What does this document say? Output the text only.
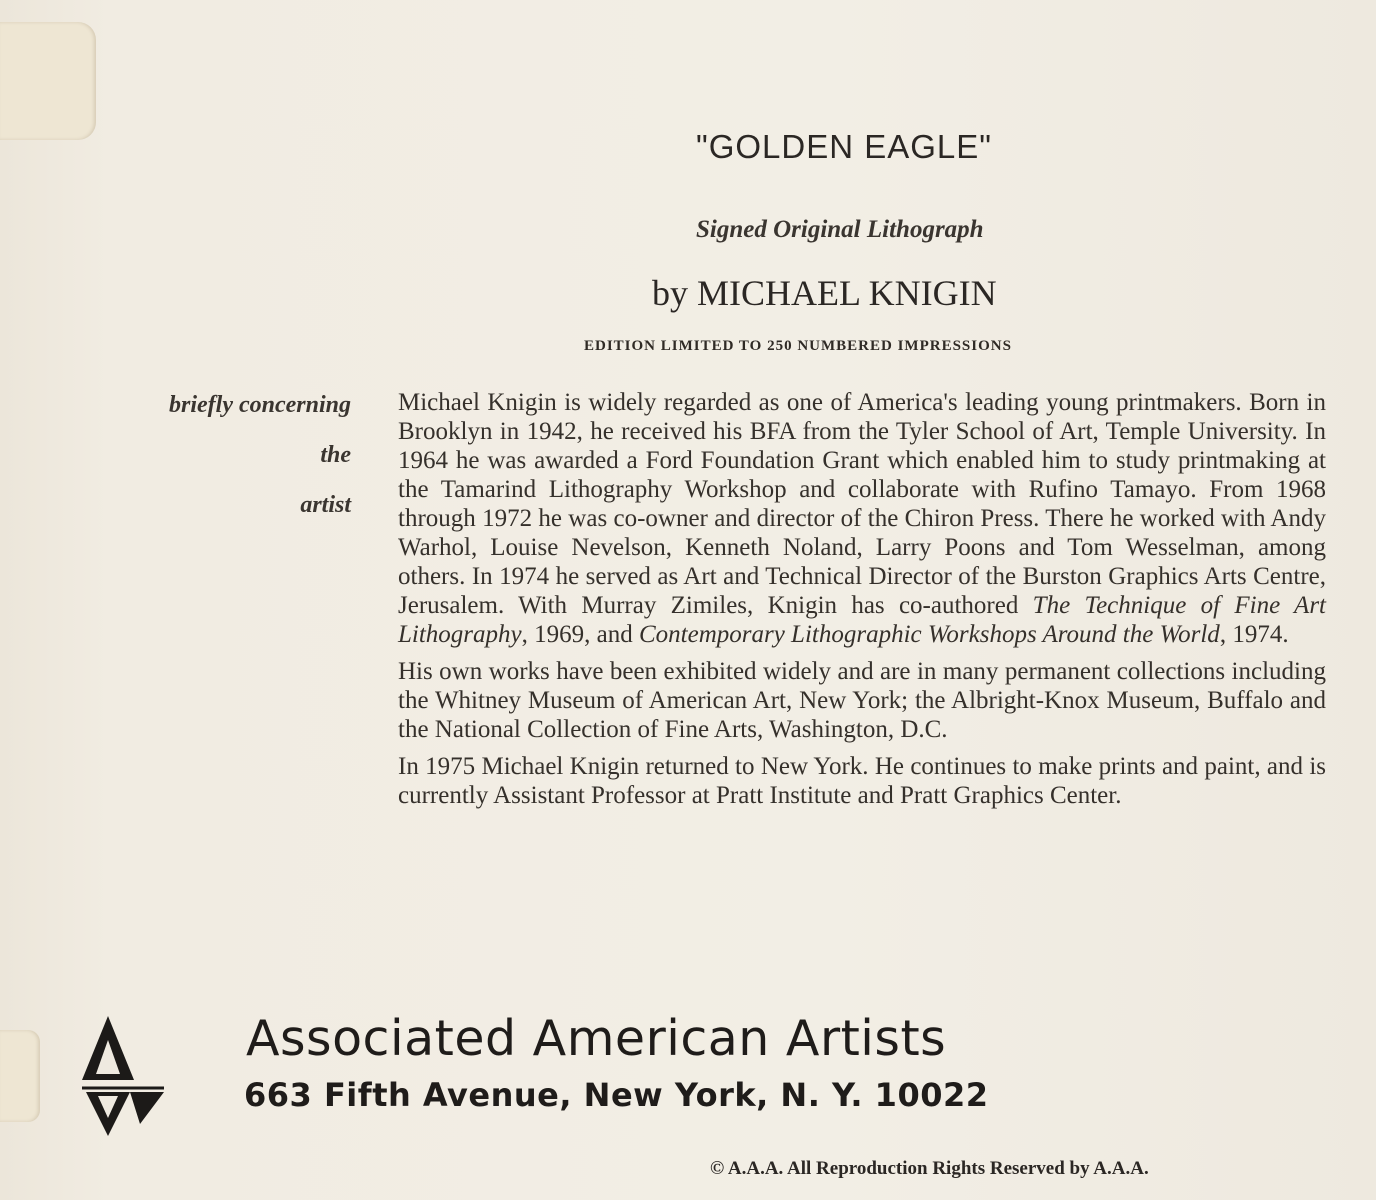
"GOLDEN EAGLE"
Signed Original Lithograph
by MICHAEL KNIGIN
EDITION LIMITED TO 250 NUMBERED IMPRESSIONS
briefly concerning
the
artist

Michael Knigin is widely regarded as one of America's leading young printmakers. Born in Brooklyn in 1942, he received his BFA from the Tyler School of Art, Temple University. In 1964 he was awarded a Ford Foundation Grant which enabled him to study printmaking at the Tamarind Lithography Workshop and collaborate with Rufino Tamayo. From 1968 through 1972 he was co-owner and director of the Chiron Press. There he worked with Andy Warhol, Louise Nevelson, Kenneth Noland, Larry Poons and Tom Wesselman, among others. In 1974 he served as Art and Technical Director of the Burston Graphics Arts Centre, Jerusalem. With Murray Zimiles, Knigin has co-authored The Technique of Fine Art Lithography, 1969, and Contemporary Lithographic Workshops Around the World, 1974.

His own works have been exhibited widely and are in many permanent collections including the Whitney Museum of American Art, New York; the Albright-Knox Museum, Buffalo and the National Collection of Fine Arts, Washington, D.C.

In 1975 Michael Knigin returned to New York. He continues to make prints and paint, and is currently Assistant Professor at Pratt Institute and Pratt Graphics Center.

Associated American Artists
663 Fifth Avenue, New York, N. Y. 10022
© A.A.A. All Reproduction Rights Reserved by A.A.A.
